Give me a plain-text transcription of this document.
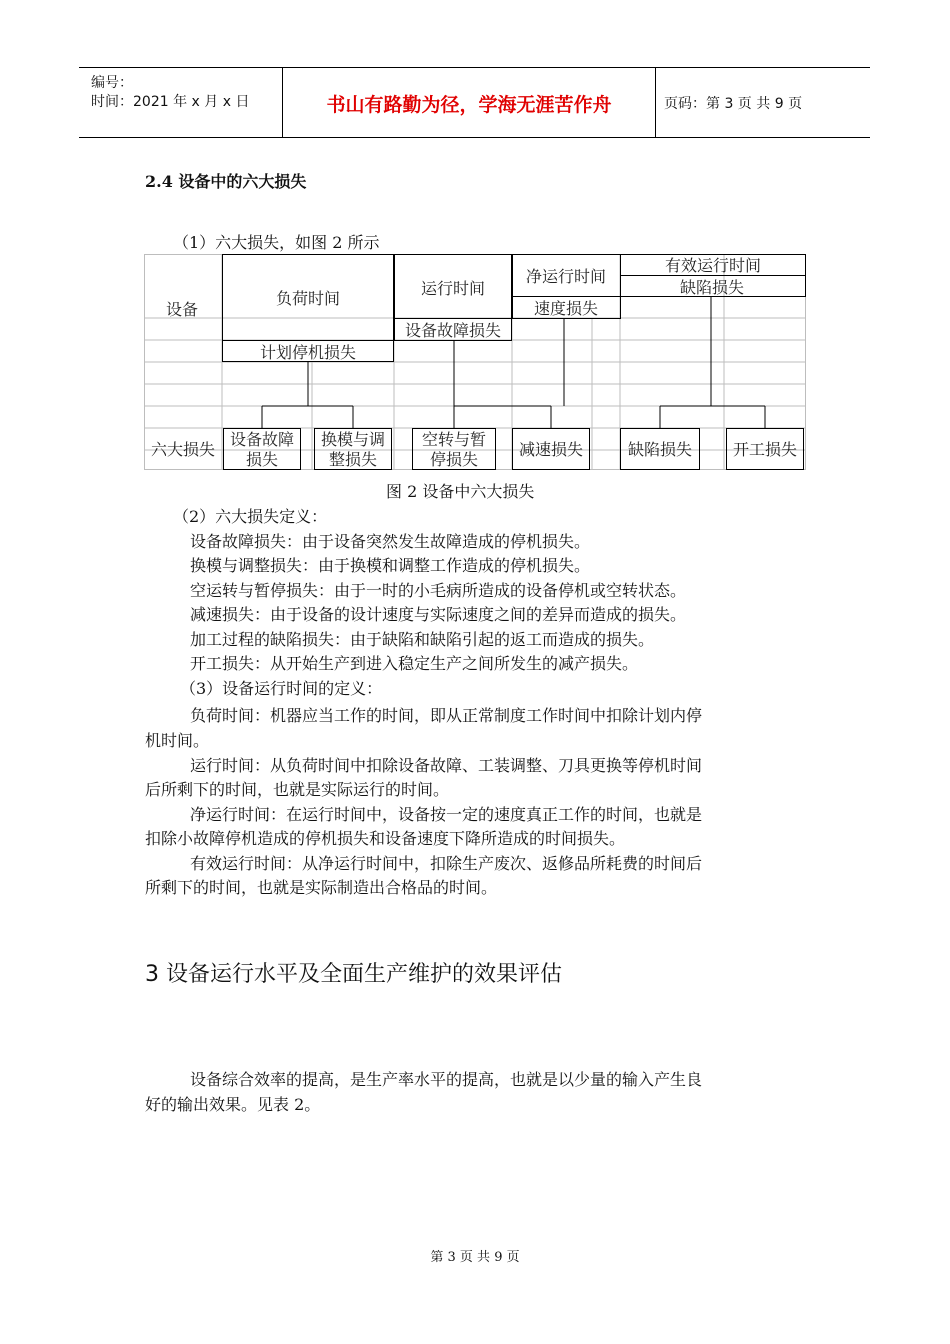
编号：
时间：2021 年 x 月 x 日	书山有路勤为径，学海无涯苦作舟	页码：第 3 页 共 9 页
2.4 设备中的六大损失
（1）六大损失，如图 2 所示
设备
负荷时间
运行时间
净运行时间
有效运行时间
缺陷损失
速度损失
设备故障损失
计划停机损失
六大损失
设备故障
损失
换模与调
整损失
空转与暂
停损失
减速损失	缺陷损失	开工损失
图 2 设备中六大损失
（2）六大损失定义：
设备故障损失：由于设备突然发生故障造成的停机损失。
换模与调整损失：由于换模和调整工作造成的停机损失。
空运转与暂停损失：由于一时的小毛病所造成的设备停机或空转状态。
减速损失：由于设备的设计速度与实际速度之间的差异而造成的损失。
加工过程的缺陷损失：由于缺陷和缺陷引起的返工而造成的损失。
开工损失：从开始生产到进入稳定生产之间所发生的减产损失。
（3）设备运行时间的定义：
负荷时间：机器应当工作的时间，即从正常制度工作时间中扣除计划内停
机时间。
运行时间：从负荷时间中扣除设备故障、工装调整、刀具更换等停机时间
后所剩下的时间，也就是实际运行的时间。
净运行时间：在运行时间中，设备按一定的速度真正工作的时间，也就是
扣除小故障停机造成的停机损失和设备速度下降所造成的时间损失。
有效运行时间：从净运行时间中，扣除生产废次、返修品所耗费的时间后
所剩下的时间，也就是实际制造出合格品的时间。
3 设备运行水平及全面生产维护的效果评估
设备综合效率的提高，是生产率水平的提高，也就是以少量的输入产生良
好的输出效果。见表 2。
第 3 页 共 9 页
